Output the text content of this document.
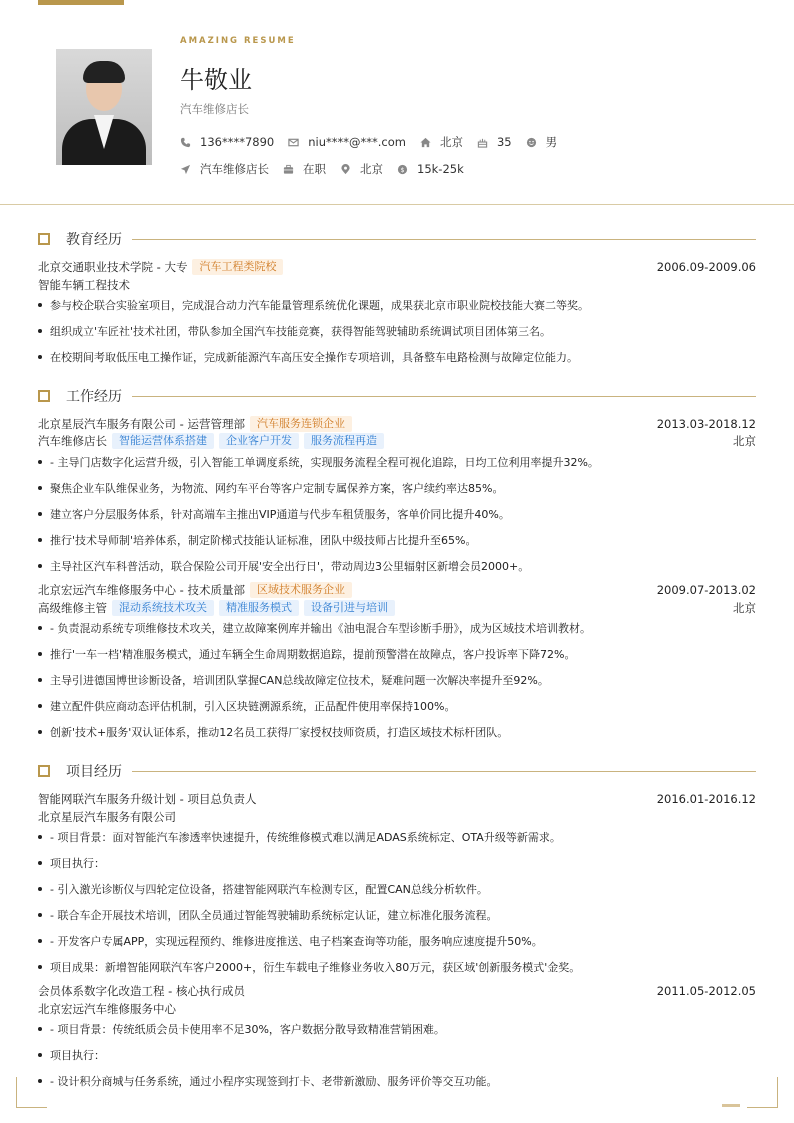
AMAZING RESUME
牛敬业
汽车维修店长
136****7890	niu****@***.com	北京	35	男
汽车维修店长	在职	北京 $ 15k-25k
教育经历
北京交通职业技术学院 - 大专	汽车工程类院校	2006.09-2009.06
智能车辆工程技术
参与校企联合实验室项目，完成混合动力汽车能量管理系统优化课题，成果获北京市职业院校技能大赛二等奖。
组织成立'车匠社'技术社团，带队参加全国汽车技能竞赛，获得智能驾驶辅助系统调试项目团体第三名。
在校期间考取低压电工操作证，完成新能源汽车高压安全操作专项培训，具备整车电路检测与故障定位能力。
工作经历
北京星辰汽车服务有限公司 - 运营管理部	汽车服务连锁企业	2013.03-2018.12
汽车维修店长	智能运营体系搭建	企业客户开发	服务流程再造	北京
- 主导门店数字化运营升级，引入智能工单调度系统，实现服务流程全程可视化追踪，日均工位利用率提升32%。
聚焦企业车队维保业务，为物流、网约车平台等客户定制专属保养方案，客户续约率达85%。
建立客户分层服务体系，针对高端车主推出VIP通道与代步车租赁服务，客单价同比提升40%。
推行'技术导师制'培养体系，制定阶梯式技能认证标准，团队中级技师占比提升至65%。
主导社区汽车科普活动，联合保险公司开展'安全出行日'，带动周边3公里辐射区新增会员2000+。
北京宏远汽车维修服务中心 - 技术质量部	区域技术服务企业	2009.07-2013.02
高级维修主管	混动系统技术攻关	精准服务模式	设备引进与培训	北京
- 负责混动系统专项维修技术攻关，建立故障案例库并输出《油电混合车型诊断手册》，成为区域技术培训教材。
推行'一车一档'精准服务模式，通过车辆全生命周期数据追踪，提前预警潜在故障点，客户投诉率下降72%。
主导引进德国博世诊断设备，培训团队掌握CAN总线故障定位技术，疑难问题一次解决率提升至92%。
建立配件供应商动态评估机制，引入区块链溯源系统，正品配件使用率保持100%。
创新'技术+服务'双认证体系，推动12名员工获得厂家授权技师资质，打造区域技术标杆团队。
项目经历
智能网联汽车服务升级计划 - 项目总负责人	2016.01-2016.12
北京星辰汽车服务有限公司
- 项目背景：面对智能汽车渗透率快速提升，传统维修模式难以满足ADAS系统标定、OTA升级等新需求。
项目执行：
- 引入激光诊断仪与四轮定位设备，搭建智能网联汽车检测专区，配置CAN总线分析软件。
- 联合车企开展技术培训，团队全员通过智能驾驶辅助系统标定认证，建立标准化服务流程。
- 开发客户专属APP，实现远程预约、维修进度推送、电子档案查询等功能，服务响应速度提升50%。
项目成果：新增智能网联汽车客户2000+，衍生车载电子维修业务收入80万元，获区域'创新服务模式'金奖。
会员体系数字化改造工程 - 核心执行成员	2011.05-2012.05
北京宏远汽车维修服务中心
- 项目背景：传统纸质会员卡使用率不足30%，客户数据分散导致精准营销困难。
项目执行：
- 设计积分商城与任务系统，通过小程序实现签到打卡、老带新激励、服务评价等交互功能。
